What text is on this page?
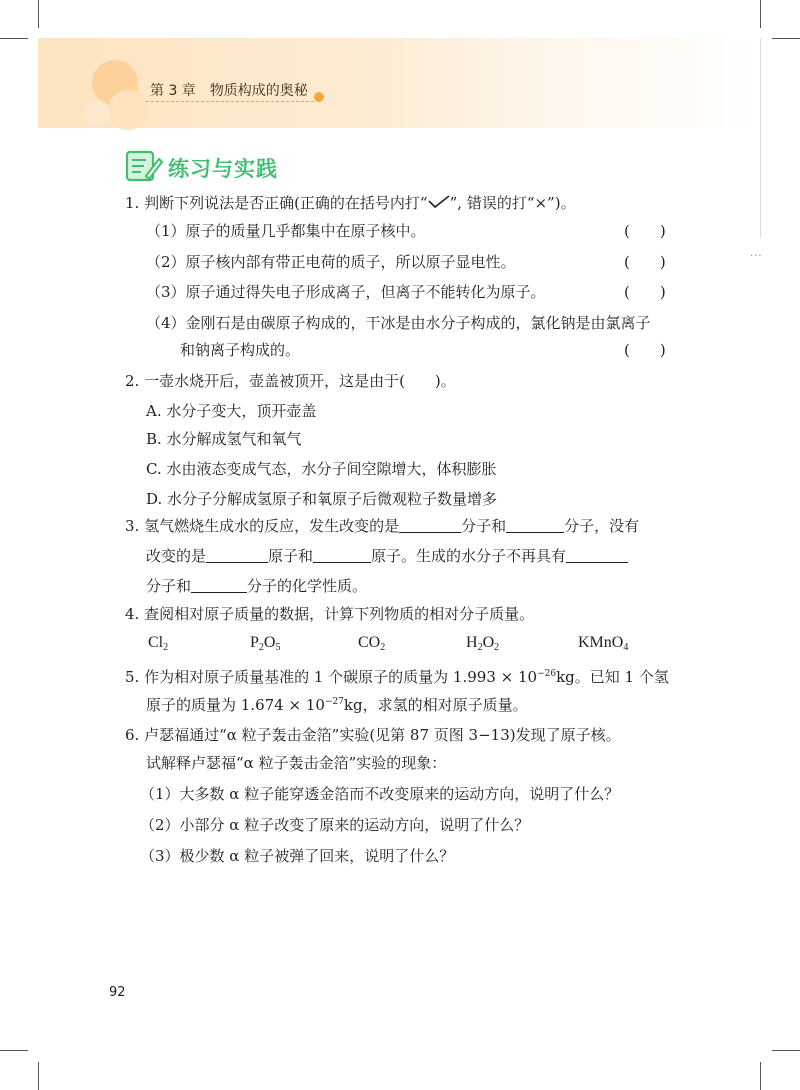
第 3 章 物质构成的奥秘
练习与实践
1. 判断下列说法是否正确(正确的在括号内打“ ”, 错误的打“×”)。
（1）原子的质量几乎都集中在原子核中。	(　　)
（2）原子核内部有带正电荷的质子，所以原子显电性。	(　　)
（3）原子通过得失电子形成离子，但离子不能转化为原子。	(　　)
（4）金刚石是由碳原子构成的，干冰是由水分子构成的，氯化钠是由氯离子
和钠离子构成的。	(　　)
2. 一壶水烧开后，壶盖被顶开，这是由于(　　)。
A. 水分子变大，顶开壶盖
B. 水分解成氢气和氧气
C. 水由液态变成气态，水分子间空隙增大，体积膨胀
D. 水分子分解成氢原子和氧原子后微观粒子数量增多
3. 氢气燃烧生成水的反应，发生改变的是	分子和	分子，没有
改变的是	原子和	原子。生成的水分子不再具有
分子和	分子的化学性质。
4. 查阅相对原子质量的数据，计算下列物质的相对分子质量。
$Cl_2$	$P_2O_5$	$CO_2$	$H_2O_2$	KMnO$_4$
5. 作为相对原子质量基准的 1 个碳原子的质量为 $1.993 \times 10^{-26}kg$。已知 1 个氢
原子的质量为 $1.674 \times 10^{-27}kg$，求氢的相对原子质量。
6. 卢瑟福通过“α 粒子轰击金箔”实验(见第 87 页图 3−13)发现了原子核。
试解释卢瑟福“α 粒子轰击金箔”实验的现象：
（1）大多数 α 粒子能穿透金箔而不改变原来的运动方向，说明了什么？
（2）小部分 α 粒子改变了原来的运动方向，说明了什么？
（3）极少数 α 粒子被弹了回来，说明了什么？
···
92
